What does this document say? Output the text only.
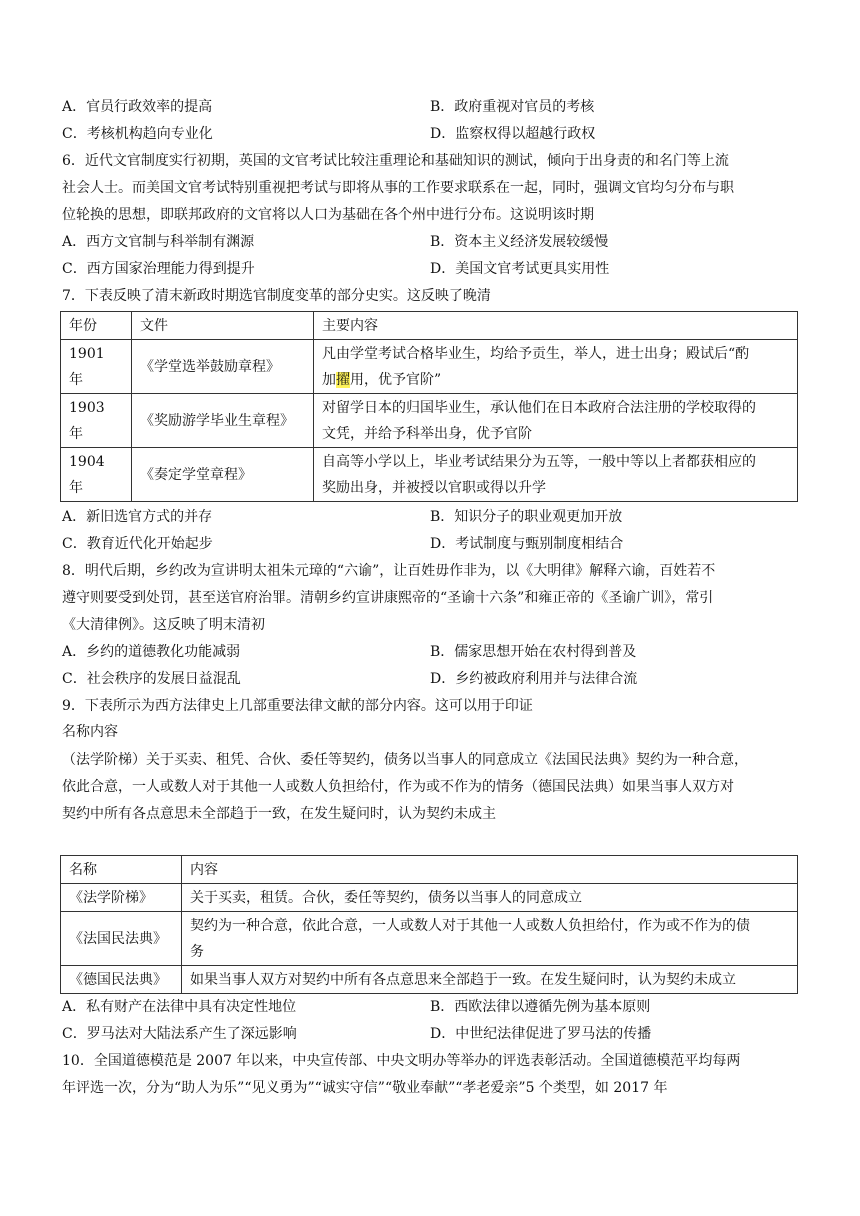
A．官员行政效率的提高	B．政府重视对官员的考核
C．考核机构趋向专业化	D．监察权得以超越行政权
6．近代文官制度实行初期，英国的文官考试比较注重理论和基础知识的测试，倾向于出身责的和名门等上流
社会人士。而美国文官考试特别重视把考试与即将从事的工作要求联系在一起，同时，强调文官均匀分布与职
位轮换的思想，即联邦政府的文官将以人口为基础在各个州中进行分布。这说明该时期
A．西方文官制与科举制有渊源	B．资本主义经济发展较缓慢
C．西方国家治理能力得到提升	D．美国文官考试更具实用性
7．下表反映了清末新政时期选官制度变革的部分史实。这反映了晚清
年份	文件	主要内容
1901 年	《学堂选举鼓励章程》	凡由学堂考试合格毕业生，均给予贡生，举人，进士出身；殿试后“酌
加擢用，优予官阶”

1903 年	《奖励游学毕业生章程》	对留学日本的归国毕业生，承认他们在日本政府合法注册的学校取得的
文凭，并给予科举出身，优予官阶

1904 年	《奏定学堂章程》	自高等小学以上，毕业考试结果分为五等，一般中等以上者都获相应的
奖励出身，并被授以官职或得以升学
A．新旧选官方式的并存	B．知识分子的职业观更加开放
C．教育近代化开始起步	D．考试制度与甄别制度相结合
8．明代后期，乡约改为宣讲明太祖朱元璋的“六谕”，让百姓毋作非为，以《大明律》解释六谕，百姓若不
遵守则要受到处罚，甚至送官府治罪。清朝乡约宣讲康熙帝的“圣谕十六条”和雍正帝的《圣谕广训》，常引
《大清律例》。这反映了明末清初
A．乡约的道德教化功能减弱	B．儒家思想开始在农村得到普及
C．社会秩序的发展日益混乱	D．乡约被政府利用并与法律合流
9．下表所示为西方法律史上几部重要法律文献的部分内容。这可以用于印证
名称内容
（法学阶梯）关于买卖、租凭、合伙、委任等契约，债务以当事人的同意成立《法国民法典》契约为一种合意，
依此合意，一人或数人对于其他一人或数人负担给付，作为或不作为的情务（德国民法典）如果当事人双方对
契约中所有各点意思未全部趋于一致，在发生疑问时，认为契约未成主
名称	内容
《法学阶梯》	关于买卖，租赁。合伙，委任等契约，债务以当事人的同意成立
《法国民法典》	契约为一种合意，依此合意，一人或数人对于其他一人或数人负担给付，作为或不作为的债
务

《德国民法典》	如果当事人双方对契约中所有各点意思来全部趋于一致。在发生疑问时，认为契约未成立
A．私有财产在法律中具有决定性地位	B．西欧法律以遵循先例为基本原则
C．罗马法对大陆法系产生了深远影响	D．中世纪法律促进了罗马法的传播
10．全国道德模范是 2007 年以来，中央宣传部、中央文明办等举办的评选表彰活动。全国道德模范平均每两
年评选一次，分为“助人为乐”“见义勇为”“诚实守信”“敬业奉献”“孝老爱亲”5 个类型，如 2017 年
